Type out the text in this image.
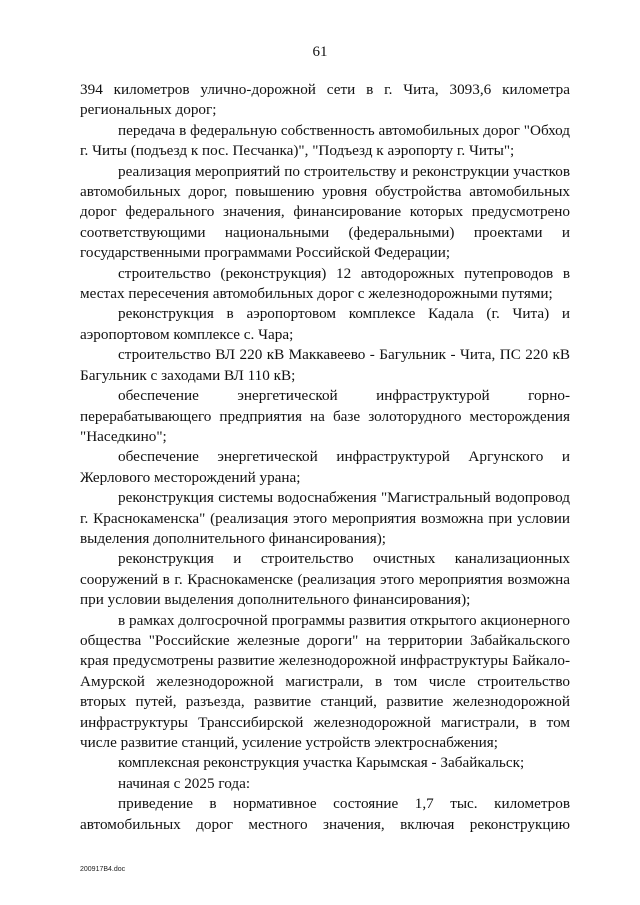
61

394 километров улично-дорожной сети в г. Чита, 3093,6 километра региональных дорог;

передача в федеральную собственность автомобильных дорог "Обход г. Читы (подъезд к пос. Песчанка)", "Подъезд к аэропорту г. Читы";

реализация мероприятий по строительству и реконструкции участков автомобильных дорог, повышению уровня обустройства автомобильных дорог федерального значения, финансирование которых предусмотрено соответствующими национальными (федеральными) проектами и государственными программами Российской Федерации;

строительство (реконструкция) 12 автодорожных путепроводов в местах пересечения автомобильных дорог с железнодорожными путями;

реконструкция в аэропортовом комплексе Кадала (г. Чита) и аэропортовом комплексе с. Чара;

строительство ВЛ 220 кВ Маккавеево - Багульник - Чита, ПС 220 кВ Багульник с заходами ВЛ 110 кВ;

обеспечение энергетической инфраструктурой горно-перерабатывающего предприятия на базе золоторудного месторождения "Наседкино";

обеспечение энергетической инфраструктурой Аргунского и Жерлового месторождений урана;

реконструкция системы водоснабжения "Магистральный водопровод г. Краснокаменска" (реализация этого мероприятия возможна при условии выделения дополнительного финансирования);

реконструкция и строительство очистных канализационных сооружений в г. Краснокаменске (реализация этого мероприятия возможна при условии выделения дополнительного финансирования);

в рамках долгосрочной программы развития открытого акционерного общества "Российские железные дороги" на территории Забайкальского края предусмотрены развитие железнодорожной инфраструктуры Байкало-Амурской железнодорожной магистрали, в том числе строительство вторых путей, разъезда, развитие станций, развитие железнодорожной инфраструктуры Транссибирской железнодорожной магистрали, в том числе развитие станций, усиление устройств электроснабжения;

комплексная реконструкция участка Карымская - Забайкальск;

начиная с 2025 года:

приведение в нормативное состояние 1,7 тыс. километров автомобильных дорог местного значения, включая реконструкцию

200917В4.doc
